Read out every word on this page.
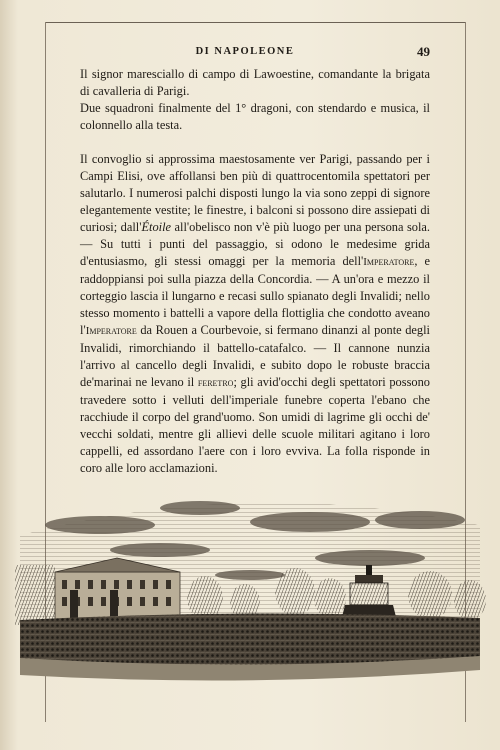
DI NAPOLEONE	49

Il signor maresciallo di campo di Lawoestine, comandante la brigata di cavalleria di Parigi.

Due squadroni finalmente del 1° dragoni, con stendardo e musica, il colonnello alla testa.

Il convoglio si approssima maestosamente ver Parigi, passando per i Campi Elisi, ove affollansi ben più di quattrocentomila spettatori per salutarlo. I numerosi palchi disposti lungo la via sono zeppi di signore elegantemente vestite; le finestre, i balconi si possono dire assiepati di curiosi; dall'Étoile all'obelisco non v'è più luogo per una persona sola. — Su tutti i punti del passaggio, si odono le medesime grida d'entusiasmo, gli stessi omaggi per la memoria dell'Imperatore, e raddoppiansi poi sulla piazza della Concordia. — A un'ora e mezzo il corteggio lascia il lungarno e recasi sullo spianato degli Invalidi; nello stesso momento i battelli a vapore della flottiglia che condotto aveano l'Imperatore da Rouen a Courbevoie, si fermano dinanzi al ponte degli Invalidi, rimorchiando il battello-catafalco. — Il cannone nunzia l'arrivo al cancello degli Invalidi, e subito dopo le robuste braccia de'marinai ne levano il feretro; gli avid'occhi degli spettatori possono travedere sotto i velluti dell'imperiale funebre coperta l'ebano che racchiude il corpo del grand'uomo. Son umidi di lagrime gli occhi de' vecchi soldati, mentre gli allievi delle scuole militari agitano i loro cappelli, ed assordano l'aere con i loro evviva. La folla risponde in coro alle loro acclamazioni.
